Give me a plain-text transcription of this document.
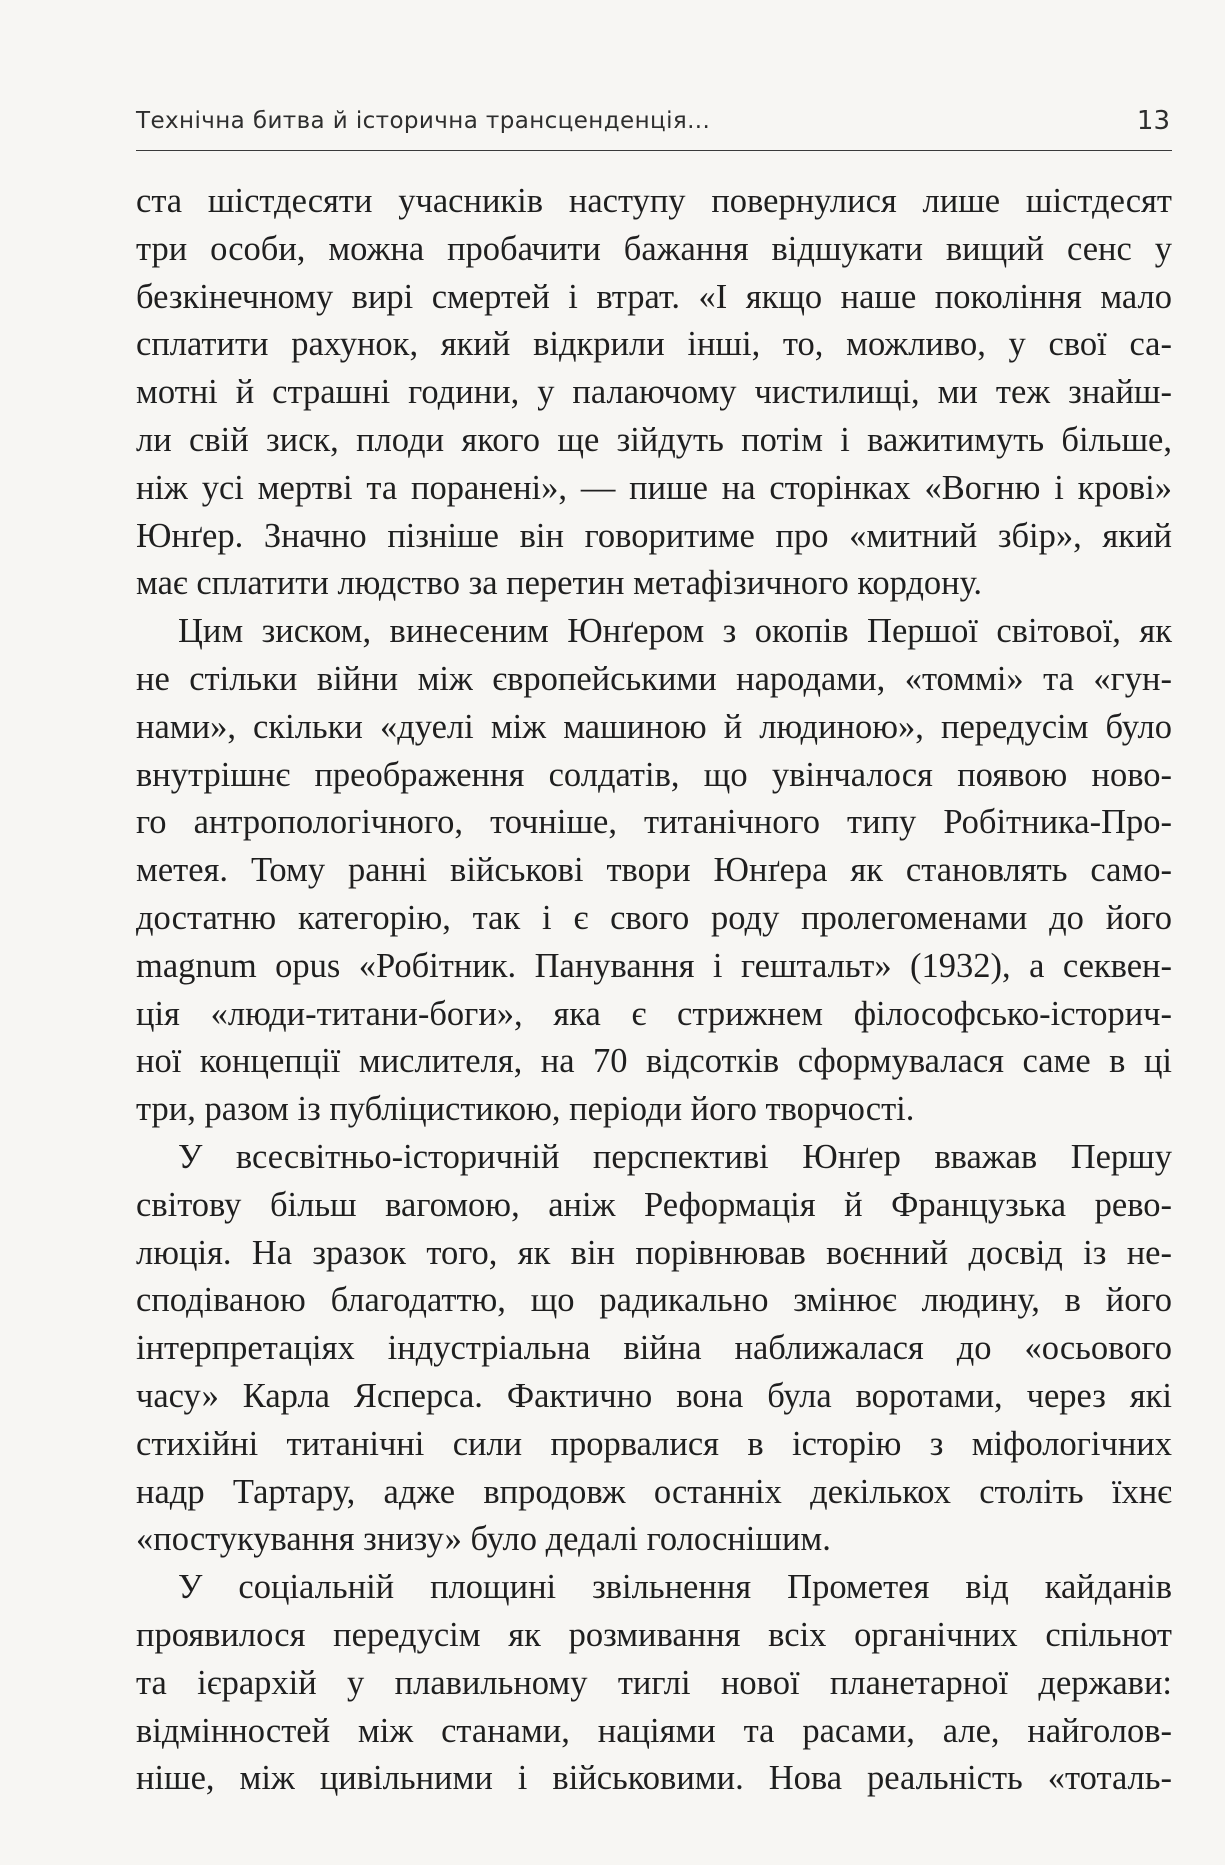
Технічна битва й історична трансценденція...	13
ста шістдесяти учасників наступу повернулися лише шістдесят
три особи, можна пробачити бажання відшукати вищий сенс у
безкінечному вирі смертей і втрат. «І якщо наше покоління мало
сплатити рахунок, який відкрили інші, то, можливо, у свої са-
мотні й страшні години, у палаючому чистилищі, ми теж знайш-
ли свій зиск, плоди якого ще зійдуть потім і важитимуть більше,
ніж усі мертві та поранені», — пише на сторінках «Вогню і крові»
Юнґер. Значно пізніше він говоритиме про «митний збір», який
має сплатити людство за перетин метафізичного кордону.
Цим зиском, винесеним Юнґером з окопів Першої світової, як
не стільки війни між європейськими народами, «томмі» та «гун-
нами», скільки «дуелі між машиною й людиною», передусім було
внутрішнє преображення солдатів, що увінчалося появою ново-
го антропологічного, точніше, титанічного типу Робітника-Про-
метея. Тому ранні військові твори Юнґера як становлять само-
достатню категорію, так і є свого роду пролегоменами до його
magnum opus «Робітник. Панування і гештальт» (1932), а секвен-
ція «люди-титани-боги», яка є стрижнем філософсько-історич-
ної концепції мислителя, на 70 відсотків сформувалася саме в ці
три, разом із публіцистикою, періоди його творчості.
У всесвітньо-історичній перспективі Юнґер вважав Першу
світову більш вагомою, аніж Реформація й Французька рево-
люція. На зразок того, як він порівнював воєнний досвід із не-
сподіваною благодаттю, що радикально змінює людину, в його
інтерпретаціях індустріальна війна наближалася до «осьового
часу» Карла Ясперса. Фактично вона була воротами, через які
стихійні титанічні сили прорвалися в історію з міфологічних
надр Тартару, адже впродовж останніх декількох століть їхнє
«постукування знизу» було дедалі голоснішим.
У соціальній площині звільнення Прометея від кайданів
проявилося передусім як розмивання всіх органічних спільнот
та ієрархій у плавильному тиглі нової планетарної держави:
відмінностей між станами, націями та расами, але, найголов-
ніше, між цивільними і військовими. Нова реальність «тоталь-
